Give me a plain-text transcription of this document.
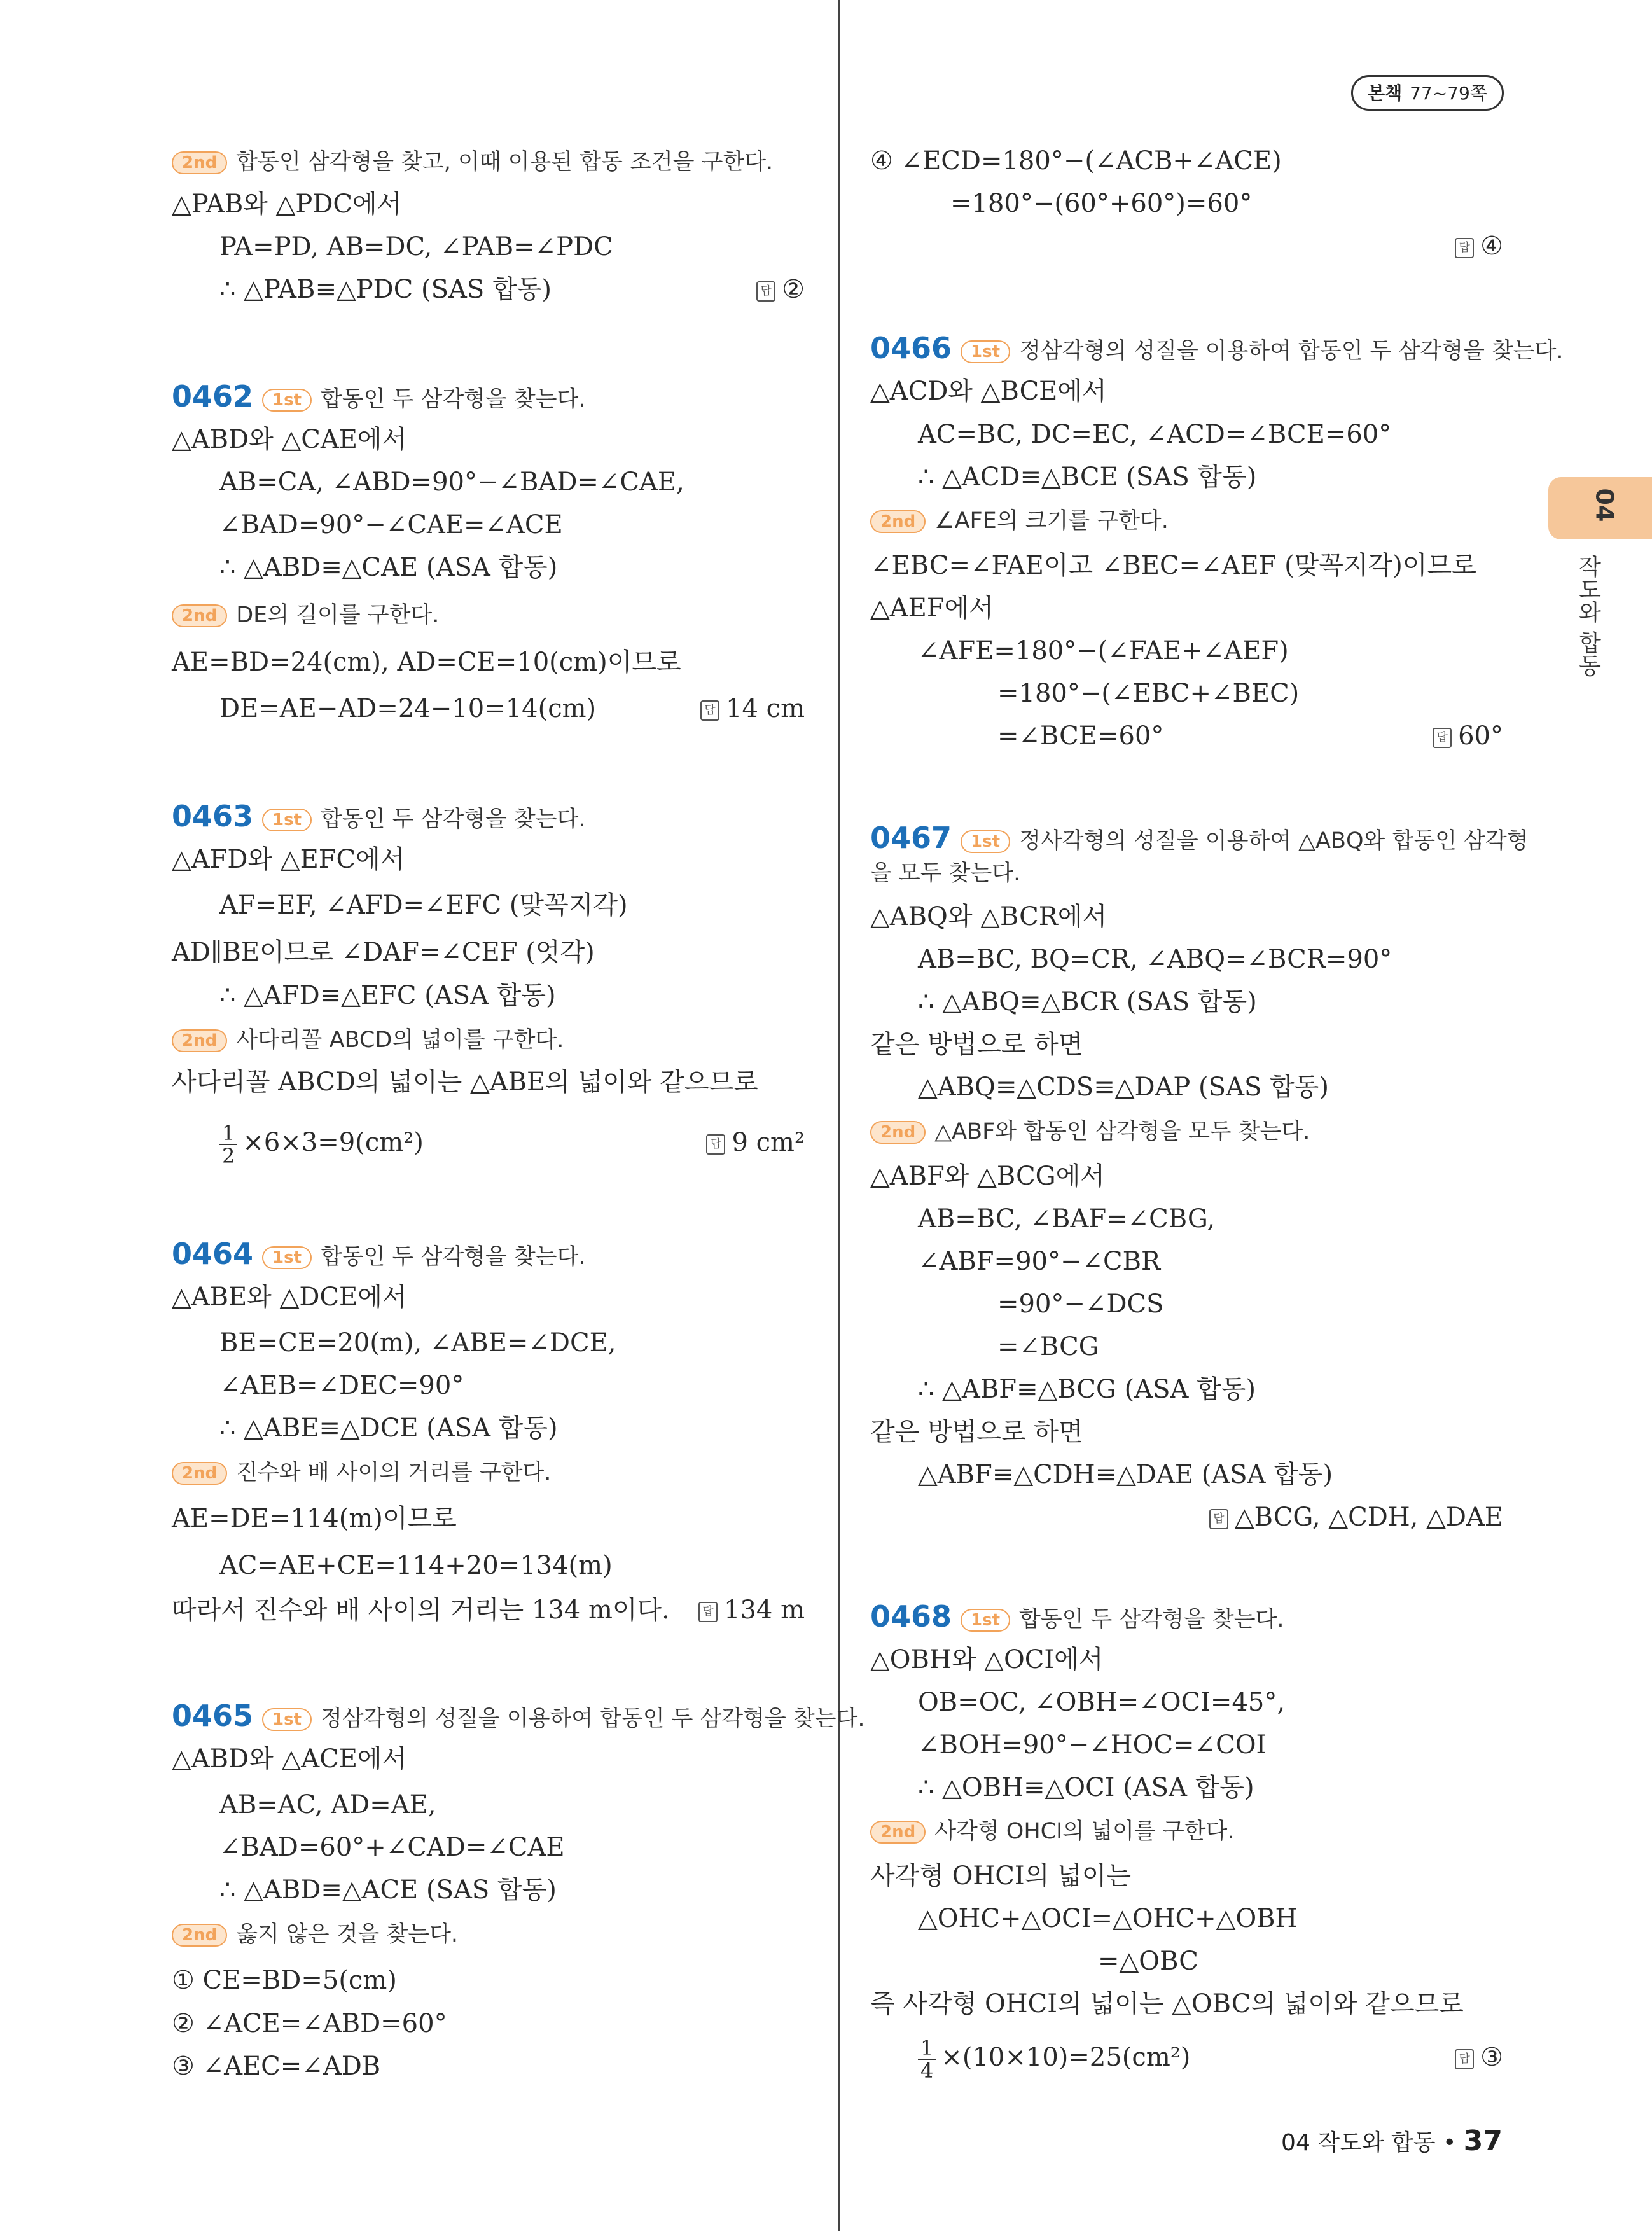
본책 77~79쪽
04
작도와 합동
2nd 합동인 삼각형을 찾고, 이때 이용된 합동 조건을 구한다.
△PAB와 △PDC에서
PA=PD, AB=DC, ∠PAB=∠PDC
∴ △PAB≡△PDC (SAS 합동)	답 ②
0462 1st 합동인 두 삼각형을 찾는다.
△ABD와 △CAE에서
AB=CA, ∠ABD=90°−∠BAD=∠CAE,
∠BAD=90°−∠CAE=∠ACE
∴ △ABD≡△CAE (ASA 합동)
2nd DE의 길이를 구한다.
AE=BD=24(cm), AD=CE=10(cm)이므로
DE=AE−AD=24−10=14(cm)	답 14 cm
0463 1st 합동인 두 삼각형을 찾는다.
△AFD와 △EFC에서
AF=EF, ∠AFD=∠EFC (맞꼭지각)
AD∥BE이므로 ∠DAF=∠CEF (엇각)
∴ △AFD≡△EFC (ASA 합동)
2nd 사다리꼴 ABCD의 넓이를 구한다.
사다리꼴 ABCD의 넓이는 △ABE의 넓이와 같으므로
$\frac{1}{2} \times 6\times 3=9(cm^2)$	답 9 cm²
0464 1st 합동인 두 삼각형을 찾는다.
△ABE와 △DCE에서
BE=CE=20(m), ∠ABE=∠DCE,
∠AEB=∠DEC=90°
∴ △ABE≡△DCE (ASA 합동)
2nd 진수와 배 사이의 거리를 구한다.
AE=DE=114(m)이므로
AC=AE+CE=114+20=134(m)
따라서 진수와 배 사이의 거리는 134 m이다.	답 134 m
0465 1st 정삼각형의 성질을 이용하여 합동인 두 삼각형을 찾는다.
△ABD와 △ACE에서
AB=AC, AD=AE,
∠BAD=60°+∠CAD=∠CAE
∴ △ABD≡△ACE (SAS 합동)
2nd 옳지 않은 것을 찾는다.
① CE=BD=5(cm)
② ∠ACE=∠ABD=60°
③ ∠AEC=∠ADB
④ ∠ECD=180°−(∠ACB+∠ACE)
=180°−(60°+60°)=60°
답 ④
0466 1st 정삼각형의 성질을 이용하여 합동인 두 삼각형을 찾는다.
△ACD와 △BCE에서
AC=BC, DC=EC, ∠ACD=∠BCE=60°
∴ △ACD≡△BCE (SAS 합동)
2nd ∠AFE의 크기를 구한다.
∠EBC=∠FAE이고 ∠BEC=∠AEF (맞꼭지각)이므로
△AEF에서
∠AFE=180°−(∠FAE+∠AEF)
=180°−(∠EBC+∠BEC)
=∠BCE=60°	답 60°
0467 1st 정사각형의 성질을 이용하여 △ABQ와 합동인 삼각형
을 모두 찾는다.
△ABQ와 △BCR에서
AB=BC, BQ=CR, ∠ABQ=∠BCR=90°
∴ △ABQ≡△BCR (SAS 합동)
같은 방법으로 하면
△ABQ≡△CDS≡△DAP (SAS 합동)
2nd △ABF와 합동인 삼각형을 모두 찾는다.
△ABF와 △BCG에서
AB=BC, ∠BAF=∠CBG,
∠ABF=90°−∠CBR
=90°−∠DCS
=∠BCG
∴ △ABF≡△BCG (ASA 합동)
같은 방법으로 하면
△ABF≡△CDH≡△DAE (ASA 합동)
답 △BCG, △CDH, △DAE
0468 1st 합동인 두 삼각형을 찾는다.
△OBH와 △OCI에서
OB=OC, ∠OBH=∠OCI=45°,
∠BOH=90°−∠HOC=∠COI
∴ △OBH≡△OCI (ASA 합동)
2nd 사각형 OHCI의 넓이를 구한다.
사각형 OHCI의 넓이는
△OHC+△OCI=△OHC+△OBH
=△OBC
즉 사각형 OHCI의 넓이는 △OBC의 넓이와 같으므로
$\frac{1}{4} \times(10\times 10)=25(cm^2)$	답 ③
04 작도와 합동 • 37
